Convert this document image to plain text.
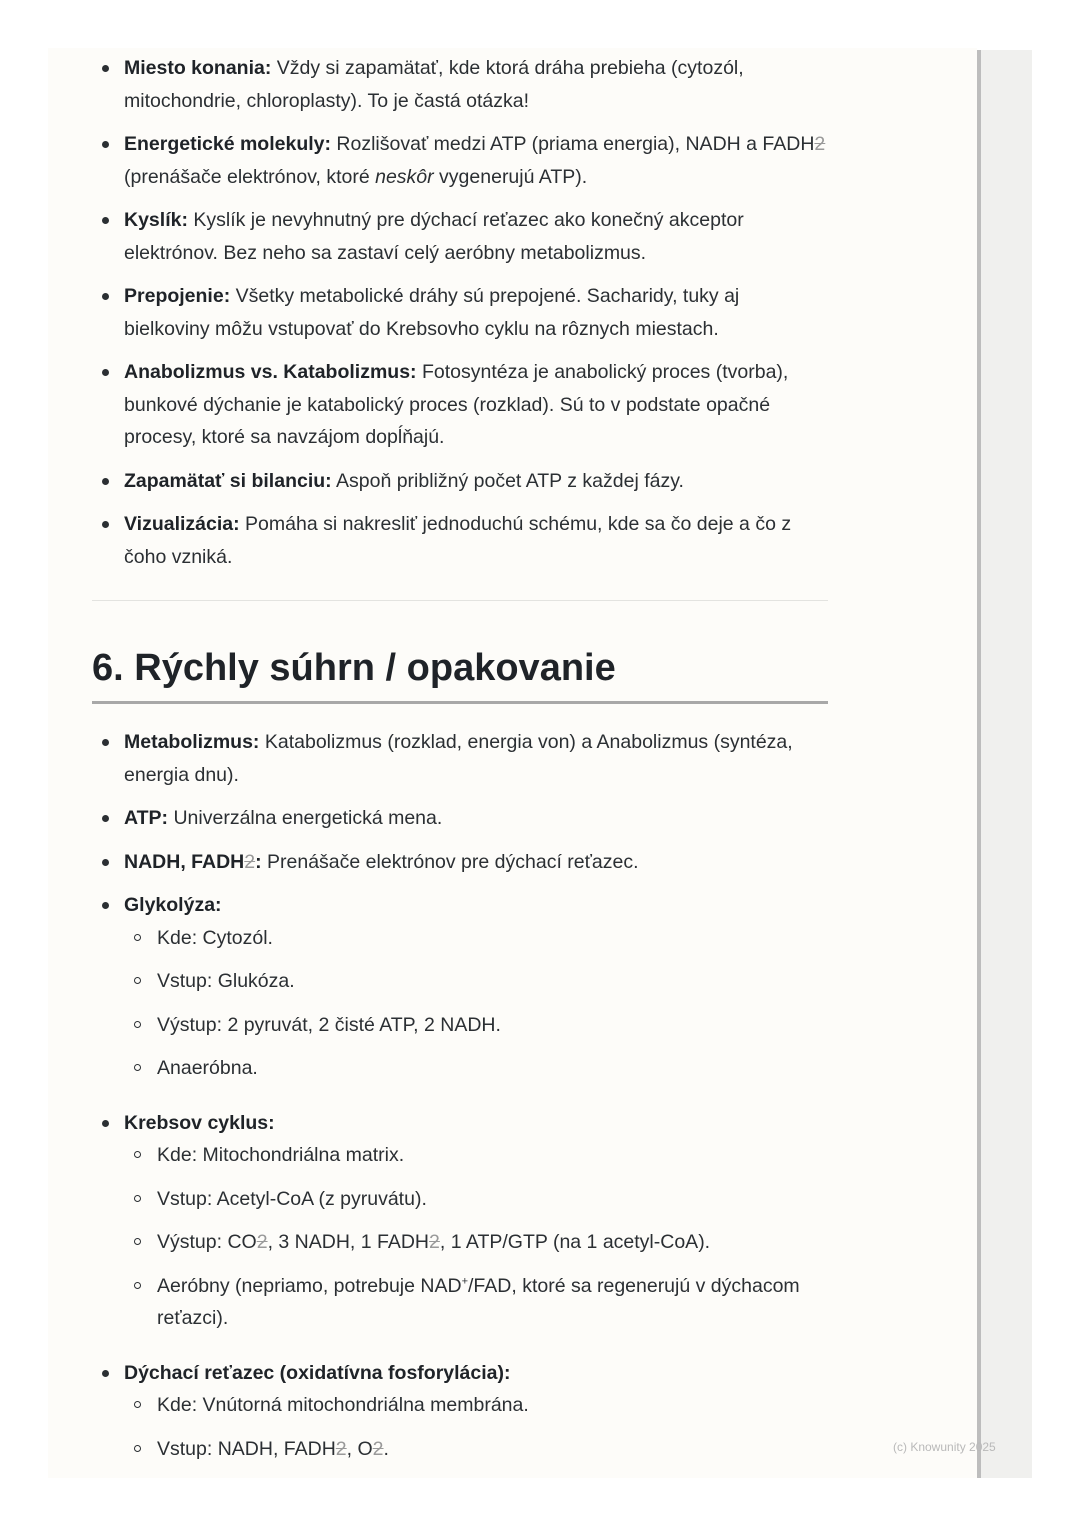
Miesto konania: Vždy si zapamätať, kde ktorá dráha prebieha (cytozól, mitochondrie, chloroplasty). To je častá otázka!
Energetické molekuly: Rozlišovať medzi ATP (priama energia), NADH a FADH2 (prenášače elektrónov, ktoré neskôr vygenerujú ATP).
Kyslík: Kyslík je nevyhnutný pre dýchací reťazec ako konečný akceptor elektrónov. Bez neho sa zastaví celý aeróbny metabolizmus.
Prepojenie: Všetky metabolické dráhy sú prepojené. Sacharidy, tuky aj bielkoviny môžu vstupovať do Krebsovho cyklu na rôznych miestach.
Anabolizmus vs. Katabolizmus: Fotosyntéza je anabolický proces (tvorba), bunkové dýchanie je katabolický proces (rozklad). Sú to v podstate opačné procesy, ktoré sa navzájom dopĺňajú.
Zapamätať si bilanciu: Aspoň približný počet ATP z každej fázy.
Vizualizácia: Pomáha si nakresliť jednoduchú schému, kde sa čo deje a čo z čoho vzniká.
6. Rýchly súhrn / opakovanie
Metabolizmus: Katabolizmus (rozklad, energia von) a Anabolizmus (syntéza, energia dnu).
ATP: Univerzálna energetická mena.
NADH, FADH2: Prenášače elektrónov pre dýchací reťazec.
Glykolýza:
Kde: Cytozól.
Vstup: Glukóza.
Výstup: 2 pyruvát, 2 čisté ATP, 2 NADH.
Anaeróbna.
Krebsov cyklus:
Kde: Mitochondriálna matrix.
Vstup: Acetyl-CoA (z pyruvátu).
Výstup: CO2, 3 NADH, 1 FADH2, 1 ATP/GTP (na 1 acetyl-CoA).
Aeróbny (nepriamo, potrebuje NAD+/FAD, ktoré sa regenerujú v dýchacom reťazci).
Dýchací reťazec (oxidatívna fosforylácia):
Kde: Vnútorná mitochondriálna membrána.
Vstup: NADH, FADH2, O2.	(c) Knowunity 2025
